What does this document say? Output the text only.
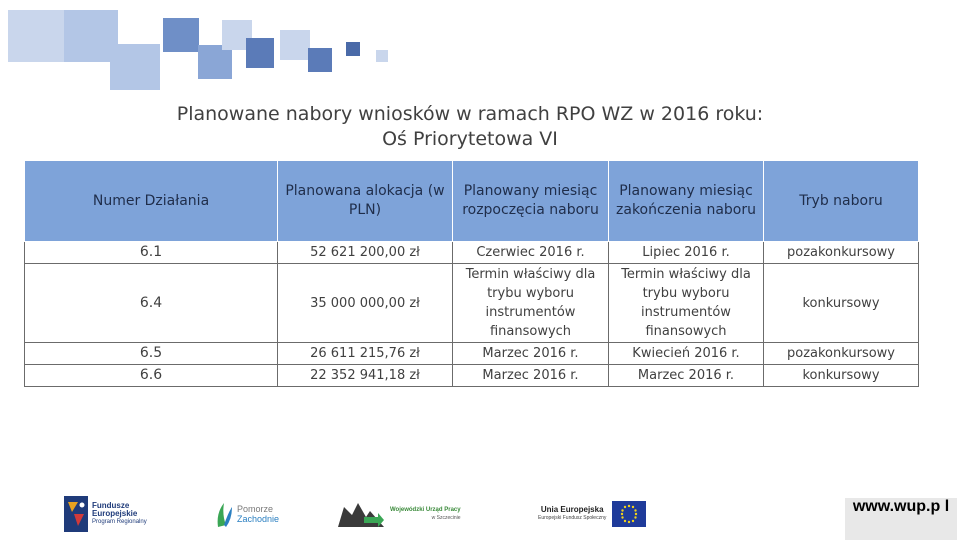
Planowane nabory wniosków w ramach RPO WZ w 2016 roku:
Oś Priorytetowa VI
Numer Działania	Planowana alokacja (w PLN)	Planowany miesiąc rozpoczęcia naboru	Planowany miesiąc zakończenia naboru	Tryb naboru
6.1	52 621 200,00 zł	Czerwiec 2016 r.	Lipiec 2016 r.	pozakonkursowy
6.4	35 000 000,00 zł	Termin właściwy dla trybu wyboru instrumentów finansowych	Termin właściwy dla trybu wyboru instrumentów finansowych	konkursowy
6.5	26 611 215,76 zł	Marzec 2016 r.	Kwiecień 2016 r.	pozakonkursowy
6.6	22 352 941,18 zł	Marzec 2016 r.	Marzec 2016 r.	konkursowy
Fundusze
Europejskie
Program Regionalny
Pomorze
Zachodnie
Wojewódzki Urząd Pracy
w Szczecinie
Unia Europejska
Europejski Fundusz Społeczny
www.wup.p l
